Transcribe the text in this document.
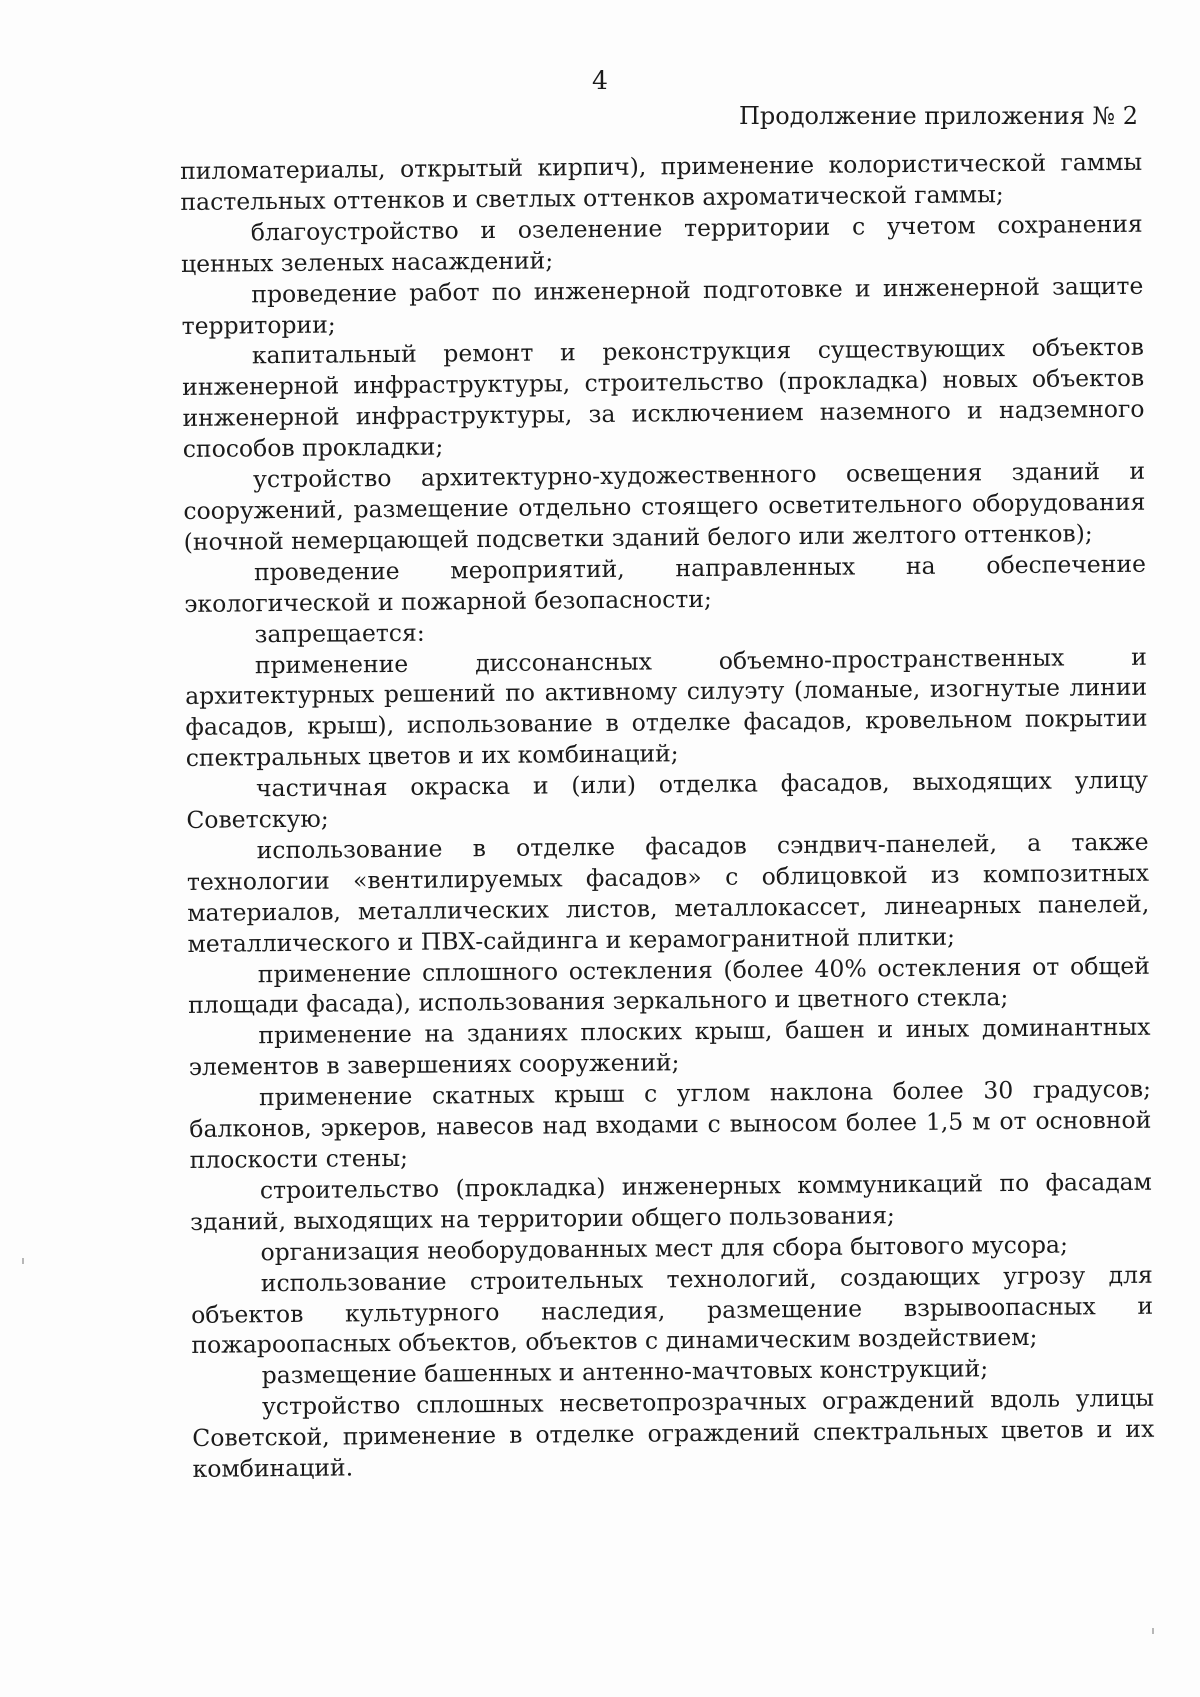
4
Продолжение приложения № 2

пиломатериалы, открытый кирпич), применение колористической гаммы пастельных оттенков и светлых оттенков ахроматической гаммы;

благоустройство и озеленение территории с учетом сохранения ценных зеленых насаждений;

проведение работ по инженерной подготовке и инженерной защите территории;

капитальный ремонт и реконструкция существующих объектов инженерной инфраструктуры, строительство (прокладка) новых объектов инженерной инфраструктуры, за исключением наземного и надземного способов прокладки;

устройство архитектурно-художественного освещения зданий и сооружений, размещение отдельно стоящего осветительного оборудования (ночной немерцающей подсветки зданий белого или желтого оттенков);

проведение мероприятий, направленных на обеспечение экологической и пожарной безопасности;

запрещается:

применение диссонансных объемно-пространственных и архитектурных решений по активному силуэту (ломаные, изогнутые линии фасадов, крыш), использование в отделке фасадов, кровельном покрытии спектральных цветов и их комбинаций;

частичная окраска и (или) отделка фасадов, выходящих улицу Советскую;

использование в отделке фасадов сэндвич-панелей, а также технологии «вентилируемых фасадов» с облицовкой из композитных материалов, металлических листов, металлокассет, линеарных панелей, металлического и ПВХ-сайдинга и керамогранитной плитки;

применение сплошного остекления (более 40% остекления от общей площади фасада), использования зеркального и цветного стекла;

применение на зданиях плоских крыш, башен и иных доминантных элементов в завершениях сооружений;

применение скатных крыш с углом наклона более 30 градусов; балконов, эркеров, навесов над входами с выносом более 1,5 м от основной плоскости стены;

строительство (прокладка) инженерных коммуникаций по фасадам зданий, выходящих на территории общего пользования;

организация необорудованных мест для сбора бытового мусора;

использование строительных технологий, создающих угрозу для объектов культурного наследия, размещение взрывоопасных и пожароопасных объектов, объектов с динамическим воздействием;

размещение башенных и антенно-мачтовых конструкций;

устройство сплошных несветопрозрачных ограждений вдоль улицы Советской, применение в отделке ограждений спектральных цветов и их комбинаций.
